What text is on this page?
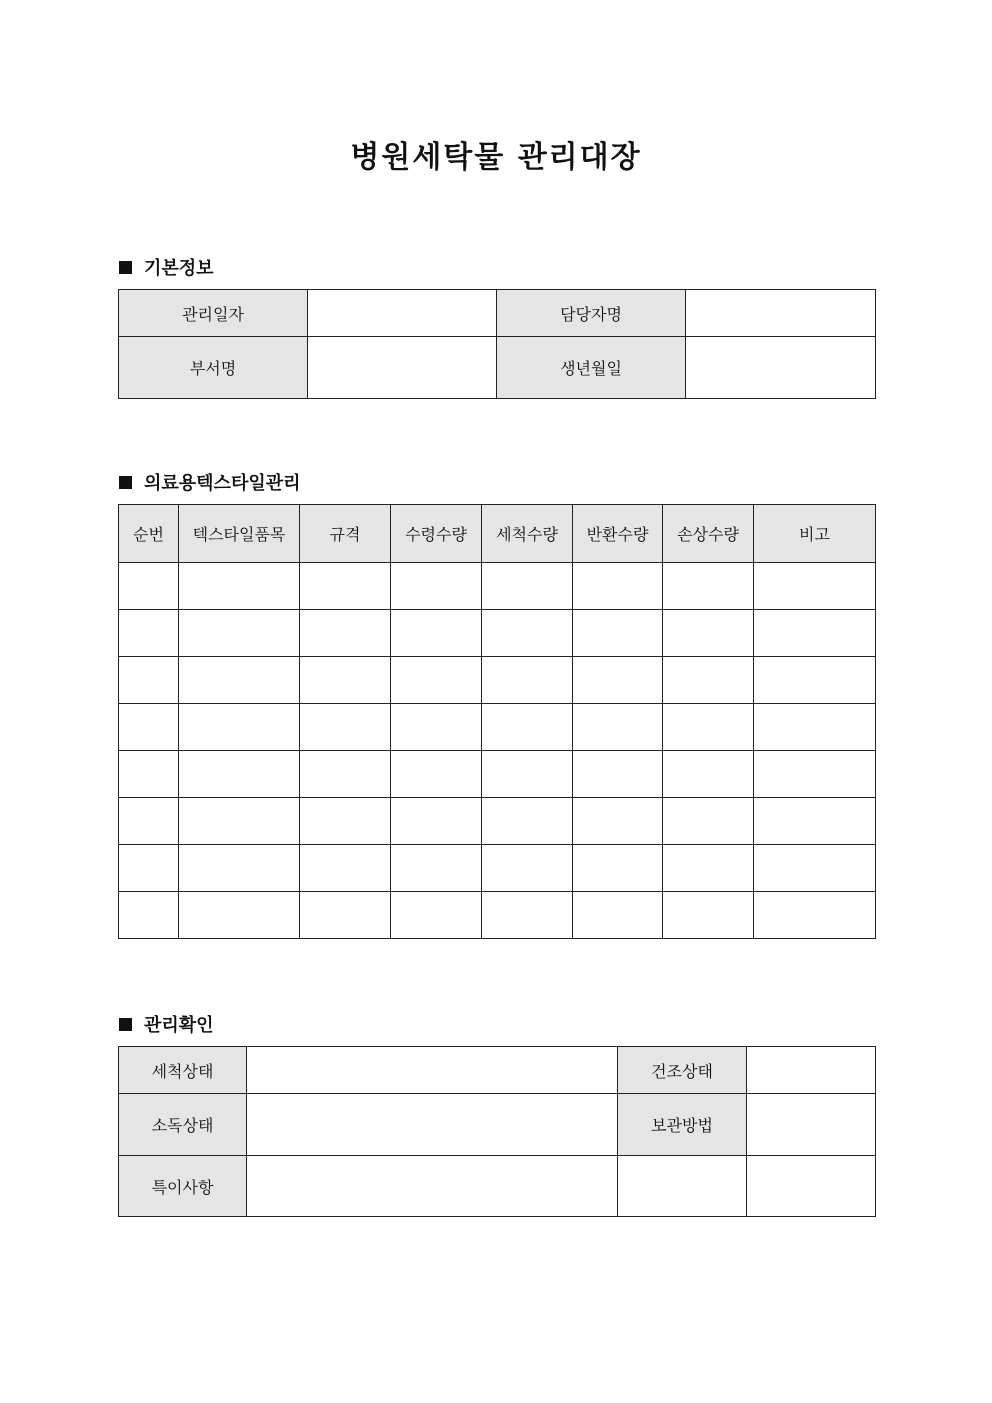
병원세탁물 관리대장
기본정보
관리일자		담당자명	
부서명		생년월일	
의료용텍스타일관리
순번	텍스타일품목	규격	수령수량	세척수량	반환수량	손상수량	비고

관리확인
세척상태		건조상태	
소독상태		보관방법	
특이사항			
